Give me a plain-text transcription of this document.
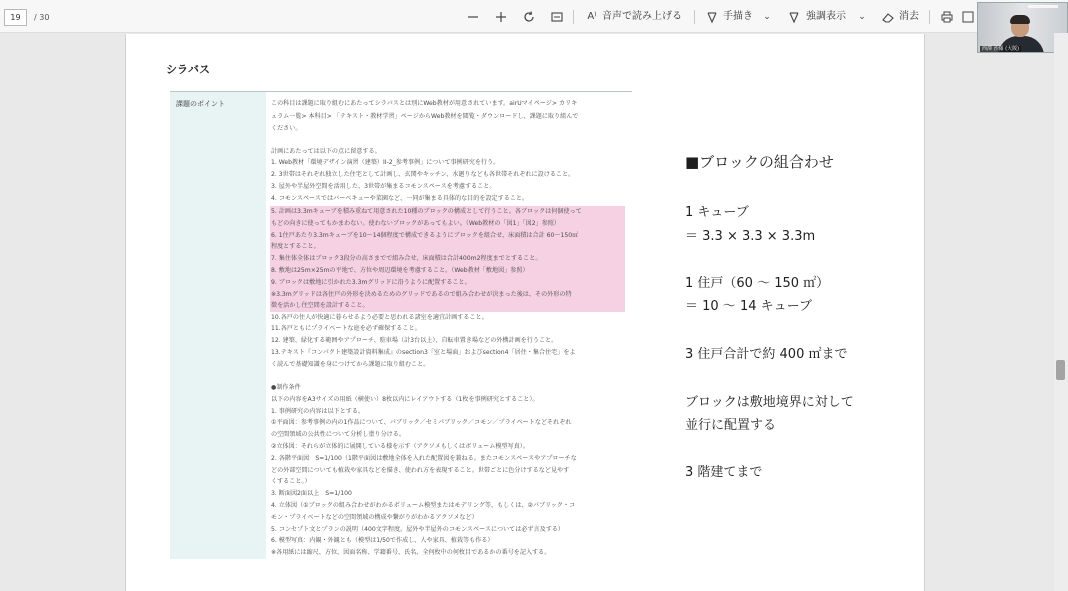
19	/ 30	A⁾ 音声で読み上げる	手描き ⌄	強調表示 ⌄	消去
西澤 沙羅 (大阪)
シラバス
課題のポイント	この科目は課題に取り組むにあたってシラバスとは別にWeb教材が用意されています。airUマイページ> カリキ
ュラム一覧> 本科目> 「テキスト・教材学習」ページからWeb教材を閲覧・ダウンロードし、課題に取り組んで
ください。
計画にあたっては以下の点に留意する。
1. Web教材「環境デザイン演習（建築）II-2_参考事例」について事例研究を行う。
2. 3世帯はそれぞれ独立した住宅として計画し、玄関やキッチン、水廻りなども各世帯それぞれに設けること。
3. 屋外や半屋外空間を活用した、3世帯が集まるコモンスペースを考慮すること。
4. コモンスペースではバーベキューや菜園など、一同が集まる具体的な目的を設定すること。
5. 計画は3.3mキューブを積み重ねて用意された10種のブロックの構成として行うこと。各ブロックは何個使って
もどの向きに使ってもかまわない。使わないブロックがあってもよい。（Web教材の「図1」「図2」参照）
6. 1住戸あたり3.3mキューブを10〜14個程度で構成できるようにブロックを組合せ、床面積は合計 60〜150㎡
程度とすること。
7. 集住体全体はブロック3段分の高さまでで組み合せ、床面積は合計400m2程度までとすること。
8. 敷地は25m×25mの平地で、方位や周辺環境を考慮すること。（Web教材「敷地図」参照）
9. ブロックは敷地に引かれた3.3mグリッドに沿うように配置すること。
※3.3mグリッドは各住戸の外形を決めるためのグリッドであるので組み合わせが決まった後は、その外形の特
徴を活かし住空間を設計すること。
10.各戸の住人が快適に暮らせるよう必要と思われる諸室を適宜計画すること。
11.各戸ともにプライベートな庭を必ず確保すること。
12. 建築、緑化する範囲やアプローチ、駐車場（計3台以上）、自転車置き場などの外構計画を行うこと。
13.テキスト『コンパクト建築設計資料集成』のsection3「室と場面」およびsection4「居住・集合住宅」をよ
く読んで基礎知識を身につけてから課題に取り組むこと。
●制作条件
以下の内容をA3サイズの用紙（横使い）8枚以内にレイアウトする（1枚を事例研究とすること）。
1. 事例研究の内容は以下とする。
①平面図：参考事例の内の1作品について、パブリック／セミパブリック／コモン／プライベートなどそれぞれ
の空間領域の公共性について分析し塗り分ける。
②立体図：それらが立体的に展開している様を示す（アクソメもしくはボリューム模型写真）。
2. 各階平面図　S=1/100（1階平面図は敷地全体を入れた配置図を兼ねる。またコモンスペースやアプローチな
どの外部空間についても植栽や家具などを描き、使われ方を表現すること。世帯ごとに色分けするなど見やす
くすること。）
3. 断面図2面以上　S=1/100
4. 立体図（①ブロックの組み合わせがわかるボリューム模型またはモデリング等、もしくは、②パブリック・コ
モン・プライベートなどの空間領域の構成や繋がりがわかるアクソメなど）
5. コンセプト文とプランの説明（400文字程度。屋外や半屋外のコモンスペースについては必ず言及する）
6. 模型写真：内観・外観とも（模型は1/50で作成し、人や家具、植栽等も作る）
※各用紙には縮尺、方位、図面名称、学籍番号、氏名、全何枚中の何枚目であるかの番号を記入する。
■ブロックの組合わせ
1 キューブ
＝ 3.3 × 3.3 × 3.3m
1 住戸（60 ～ 150 ㎡）
＝ 10 ～ 14 キューブ
3 住戸合計で約 400 ㎡まで
ブロックは敷地境界に対して
並行に配置する
3 階建てまで
